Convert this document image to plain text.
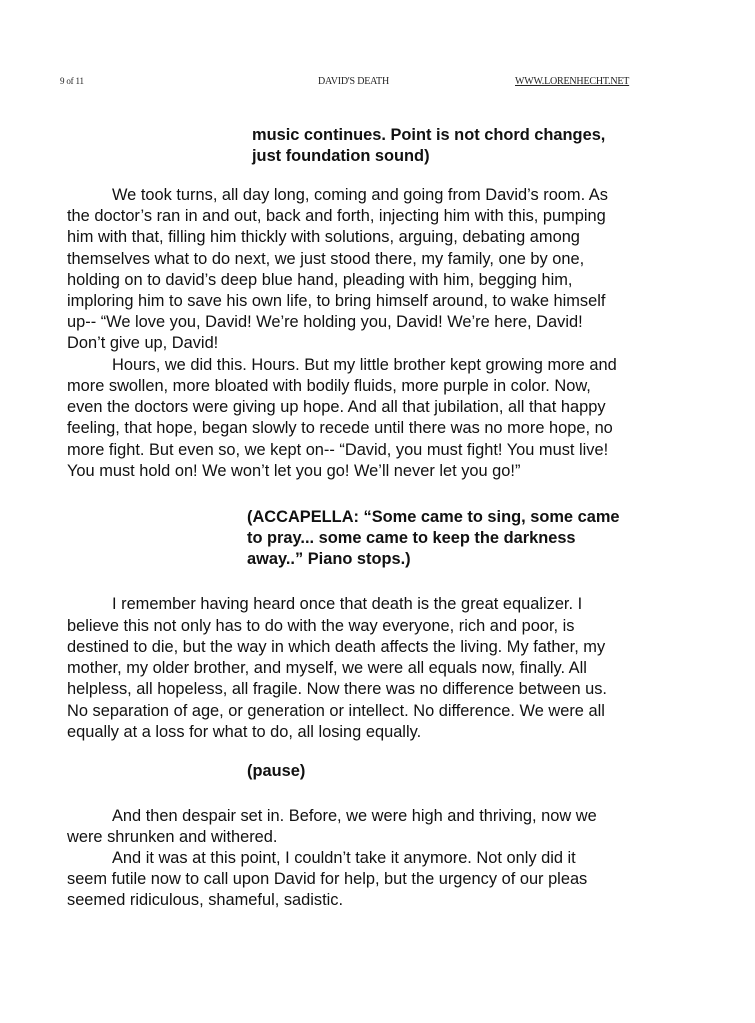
9 of 11	DAVID'S DEATH	WWW.LORENHECHT.NET
music continues. Point is not chord changes,
just foundation sound)
We took turns, all day long, coming and going from David’s room. As
the doctor’s ran in and out, back and forth, injecting him with this, pumping
him with that, filling him thickly with solutions, arguing, debating among
themselves what to do next, we just stood there, my family, one by one,
holding on to david’s deep blue hand, pleading with him, begging him,
imploring him to save his own life, to bring himself around, to wake himself
up-- “We love you, David! We’re holding you, David! We’re here, David!
Don’t give up, David!
Hours, we did this. Hours. But my little brother kept growing more and
more swollen, more bloated with bodily fluids, more purple in color. Now,
even the doctors were giving up hope. And all that jubilation, all that happy
feeling, that hope, began slowly to recede until there was no more hope, no
more fight. But even so, we kept on-- “David, you must fight! You must live!
You must hold on! We won’t let you go! We’ll never let you go!”
(ACCAPELLA: “Some came to sing, some came
to pray... some came to keep the darkness
away..” Piano stops.)
I remember having heard once that death is the great equalizer. I
believe this not only has to do with the way everyone, rich and poor, is
destined to die, but the way in which death affects the living. My father, my
mother, my older brother, and myself, we were all equals now, finally. All
helpless, all hopeless, all fragile. Now there was no difference between us.
No separation of age, or generation or intellect. No difference. We were all
equally at a loss for what to do, all losing equally.
(pause)
And then despair set in. Before, we were high and thriving, now we
were shrunken and withered.
And it was at this point, I couldn’t take it anymore. Not only did it
seem futile now to call upon David for help, but the urgency of our pleas
seemed ridiculous, shameful, sadistic.
